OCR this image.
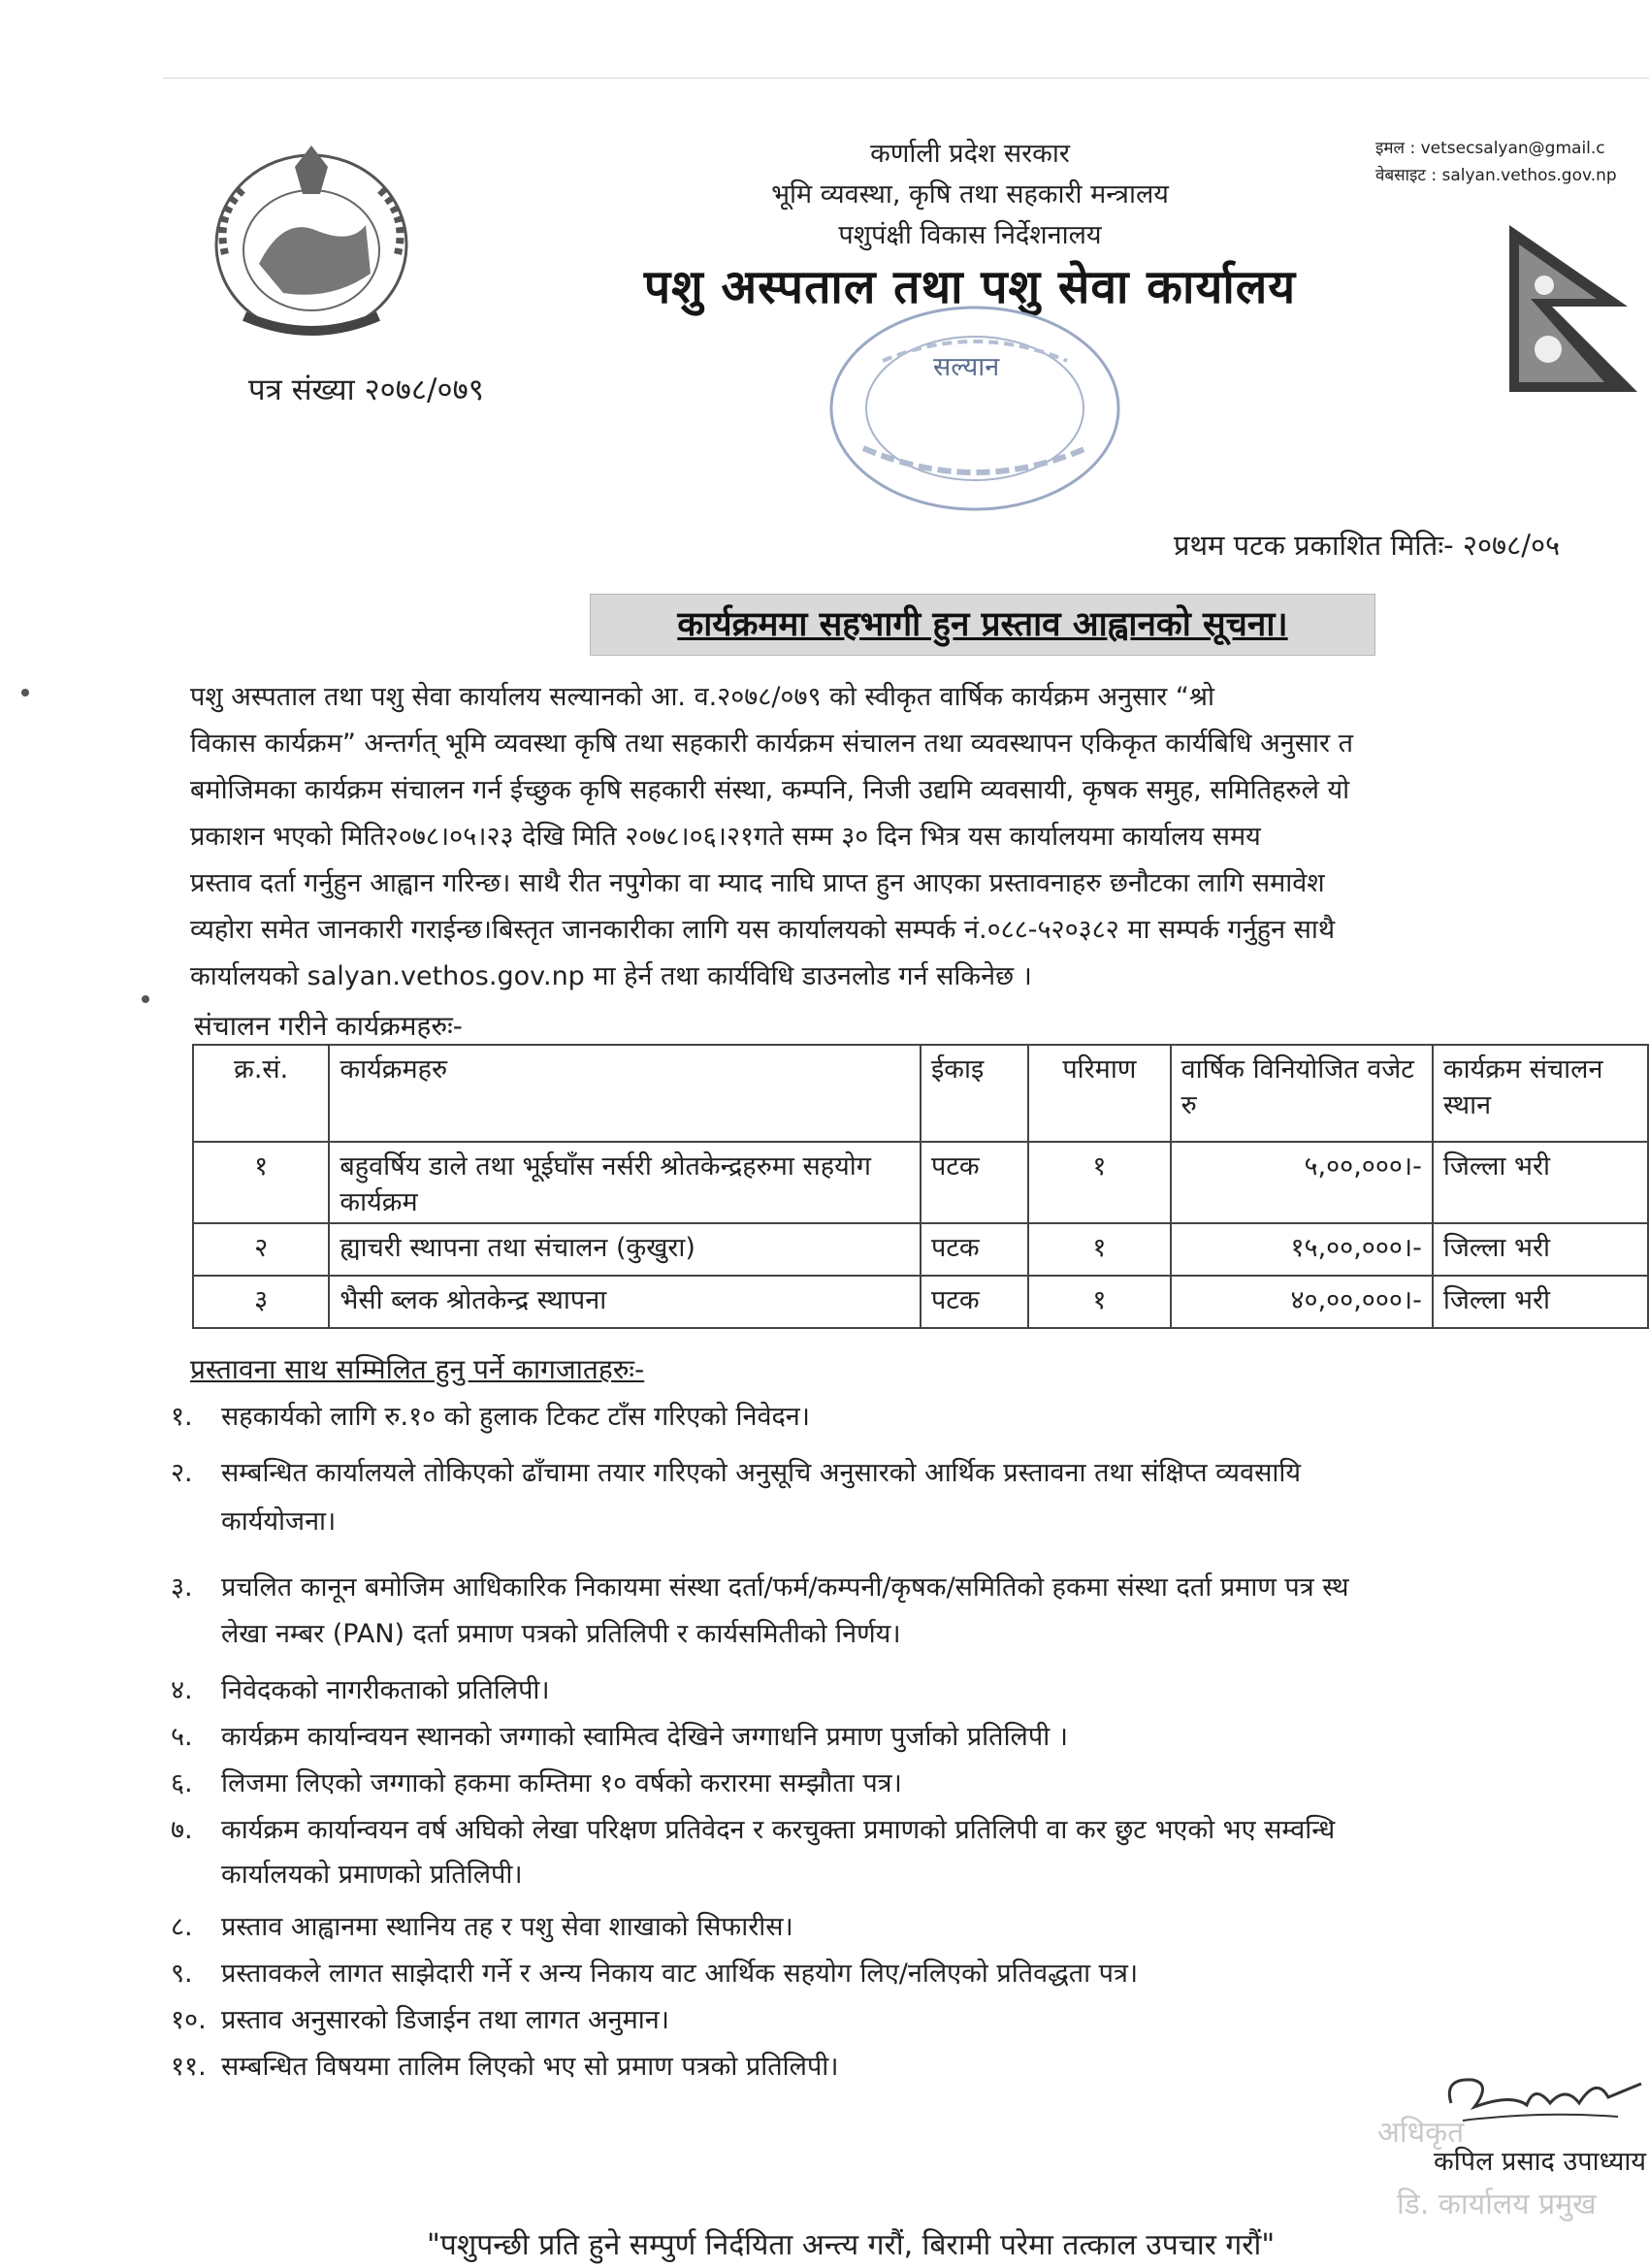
कर्णाली प्रदेश सरकार
भूमि व्यवस्था, कृषि तथा सहकारी मन्त्रालय
पशुपंक्षी विकास निर्देशनालय
पशु अस्पताल तथा पशु सेवा कार्यालय
इमल : vetsecsalyan@gmail.c
वेबसाइट : salyan.vethos.gov.np
पत्र संख्या २०७८/०७९
सल्यान
प्रथम पटक प्रकाशित मितिः- २०७८/०५
कार्यक्रममा सहभागी हुन प्रस्ताव आह्वानको सूचना।
पशु अस्पताल तथा पशु सेवा कार्यालय सल्यानको आ. व.२०७८/०७९ को स्वीकृत वार्षिक कार्यक्रम अनुसार “श्रो
विकास कार्यक्रम” अन्तर्गत् भूमि व्यवस्था कृषि तथा सहकारी कार्यक्रम संचालन तथा व्यवस्थापन एकिकृत कार्यबिधि अनुसार त
बमोजिमका कार्यक्रम संचालन गर्न ईच्छुक कृषि सहकारी संस्था, कम्पनि, निजी उद्यमि व्यवसायी, कृषक समुह, समितिहरुले यो
प्रकाशन भएको मिति२०७८।०५।२३ देखि मिति २०७८।०६।२१गते सम्म ३० दिन भित्र यस कार्यालयमा कार्यालय समय
प्रस्ताव दर्ता गर्नुहुन आह्वान गरिन्छ। साथै रीत नपुगेका वा म्याद नाघि प्राप्त हुन आएका प्रस्तावनाहरु छनौटका लागि समावेश
व्यहोरा समेत जानकारी गराईन्छ।बिस्तृत जानकारीका लागि यस कार्यालयको सम्पर्क नं.०८८-५२०३८२ मा सम्पर्क गर्नुहुन साथै
कार्यालयको salyan.vethos.gov.np मा हेर्न तथा कार्यविधि डाउनलोड गर्न सकिनेछ ।
संचालन गरीने कार्यक्रमहरुः-
क्र.सं.	कार्यक्रमहरु	ईकाइ	परिमाण	वार्षिक विनियोजित वजेट रु	कार्यक्रम संचालन स्थान
१	बहुवर्षिय डाले तथा भूईघाँस नर्सरी श्रोतकेन्द्रहरुमा सहयोग कार्यक्रम	पटक	१	५,००,०००।-	जिल्ला भरी
२	ह्याचरी स्थापना तथा संचालन (कुखुरा)	पटक	१	१५,००,०००।-	जिल्ला भरी
३	भैसी ब्लक श्रोतकेन्द्र स्थापना	पटक	१	४०,००,०००।-	जिल्ला भरी
प्रस्तावना साथ सम्मिलित हुनु पर्ने कागजातहरुः-
१. सहकार्यको लागि रु.१० को हुलाक टिकट टाँस गरिएको निवेदन।
२. सम्बन्धित कार्यालयले तोकिएको ढाँचामा तयार गरिएको अनुसूचि अनुसारको आर्थिक प्रस्तावना तथा संक्षिप्त व्यवसायि
कार्ययोजना।
३. प्रचलित कानून बमोजिम आधिकारिक निकायमा संस्था दर्ता/फर्म/कम्पनी/कृषक/समितिको हकमा संस्था दर्ता प्रमाण पत्र स्थ
लेखा नम्बर (PAN) दर्ता प्रमाण पत्रको प्रतिलिपी र कार्यसमितीको निर्णय।
४. निवेदकको नागरीकताको प्रतिलिपी।
५. कार्यक्रम कार्यान्वयन स्थानको जग्गाको स्वामित्व देखिने जग्गाधनि प्रमाण पुर्जाको प्रतिलिपी ।
६. लिजमा लिएको जग्गाको हकमा कम्तिमा १० वर्षको करारमा सम्झौता पत्र।
७. कार्यक्रम कार्यान्वयन वर्ष अघिको लेखा परिक्षण प्रतिवेदन र करचुक्ता प्रमाणको प्रतिलिपी वा कर छुट भएको भए सम्वन्धि
कार्यालयको प्रमाणको प्रतिलिपी।
८. प्रस्ताव आह्वानमा स्थानिय तह र पशु सेवा शाखाको सिफारीस।
९. प्रस्तावकले लागत साझेदारी गर्ने र अन्य निकाय वाट आर्थिक सहयोग लिए/नलिएको प्रतिवद्धता पत्र।
१०. प्रस्ताव अनुसारको डिजाईन तथा लागत अनुमान।
११. सम्बन्धित विषयमा तालिम लिएको भए सो प्रमाण पत्रको प्रतिलिपी।
अधिकृत
कपिल प्रसाद उपाध्याय
डि. कार्यालय प्रमुख
"पशुपन्छी प्रति हुने सम्पुर्ण निर्दयिता अन्त्य गरौं, बिरामी परेमा तत्काल उपचार गरौं"
